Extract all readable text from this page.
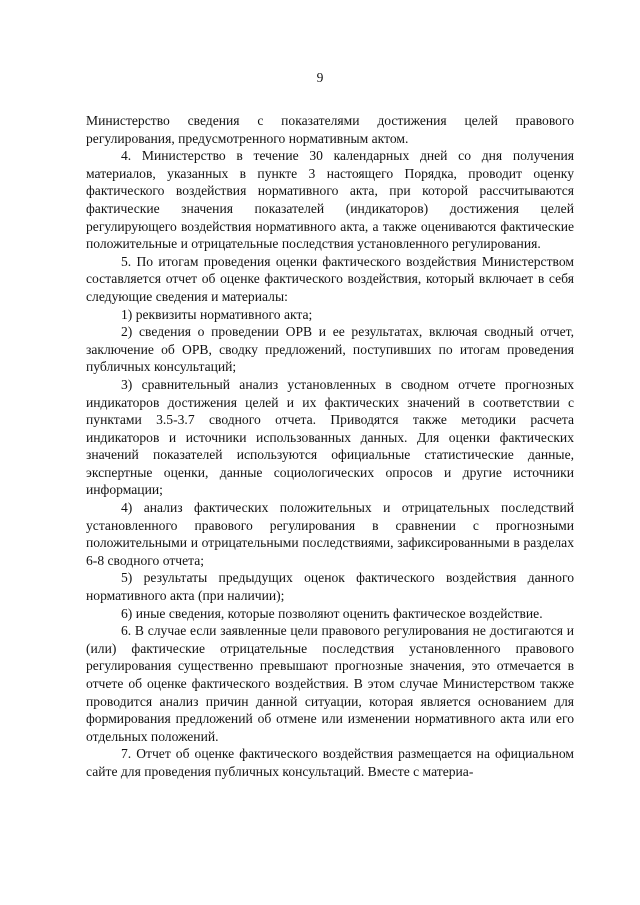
9

Министерство сведения с показателями достижения целей правового регулирования, предусмотренного нормативным актом.

4. Министерство в течение 30 календарных дней со дня получения материалов, указанных в пункте 3 настоящего Порядка, проводит оценку фактического воздействия нормативного акта, при которой рассчитываются фактические значения показателей (индикаторов) достижения целей регулирующего воздействия нормативного акта, а также оцениваются фактические положительные и отрицательные последствия установленного регулирования.

5. По итогам проведения оценки фактического воздействия Министерством составляется отчет об оценке фактического воздействия, который включает в себя следующие сведения и материалы:

1) реквизиты нормативного акта;

2) сведения о проведении ОРВ и ее результатах, включая сводный отчет, заключение об ОРВ, сводку предложений, поступивших по итогам проведения публичных консультаций;

3) сравнительный анализ установленных в сводном отчете прогнозных индикаторов достижения целей и их фактических значений в соответствии с пунктами 3.5-3.7 сводного отчета. Приводятся также методики расчета индикаторов и источники использованных данных. Для оценки фактических значений показателей используются официальные статистические данные, экспертные оценки, данные социологических опросов и другие источники информации;

4) анализ фактических положительных и отрицательных последствий установленного правового регулирования в сравнении с прогнозными положительными и отрицательными последствиями, зафиксированными в разделах 6-8 сводного отчета;

5) результаты предыдущих оценок фактического воздействия данного нормативного акта (при наличии);

6) иные сведения, которые позволяют оценить фактическое воздействие.

6. В случае если заявленные цели правового регулирования не достигаются и (или) фактические отрицательные последствия установленного правового регулирования существенно превышают прогнозные значения, это отмечается в отчете об оценке фактического воздействия. В этом случае Министерством также проводится анализ причин данной ситуации, которая является основанием для формирования предложений об отмене или изменении нормативного акта или его отдельных положений.

7. Отчет об оценке фактического воздействия размещается на официальном сайте для проведения публичных консультаций. Вместе с материа-
